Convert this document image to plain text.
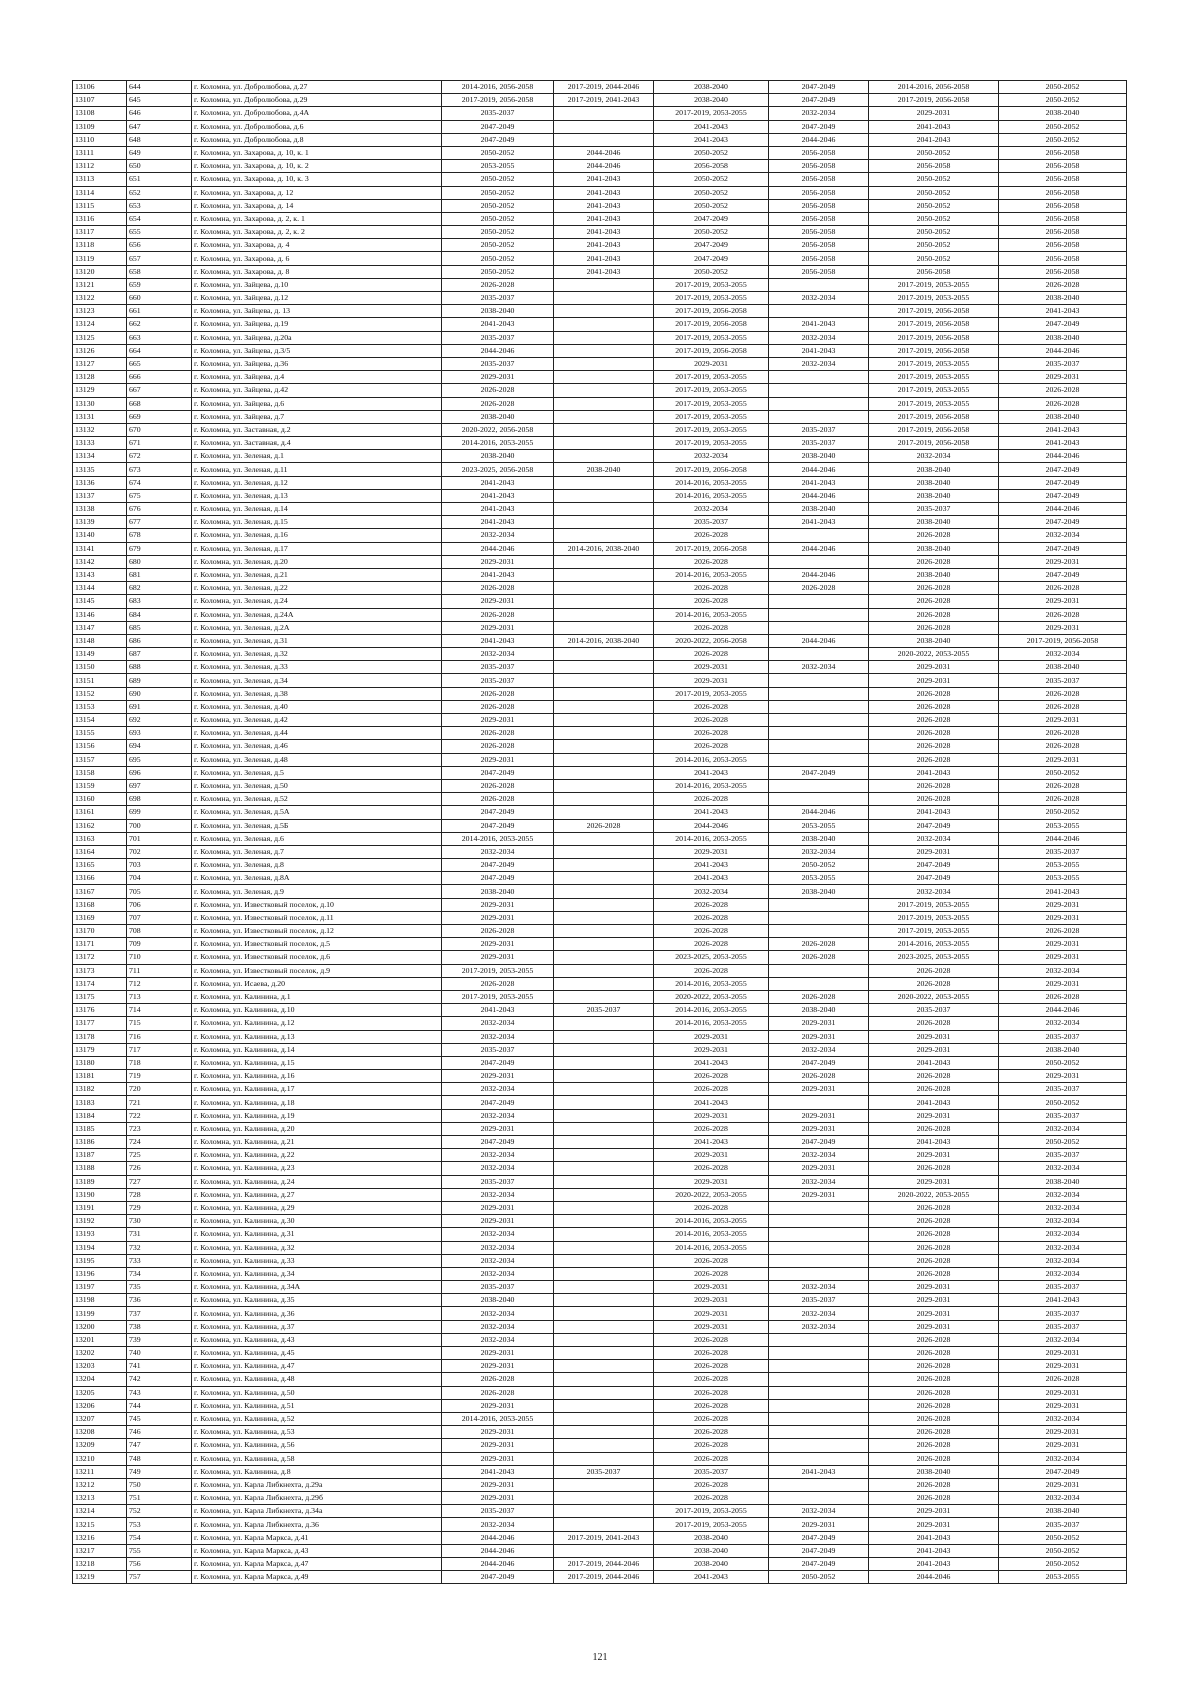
13106	644	г. Коломна, ул. Добролюбова, д.27	2014-2016, 2056-2058	2017-2019, 2044-2046	2038-2040	2047-2049	2014-2016, 2056-2058	2050-2052
13107	645	г. Коломна, ул. Добролюбова, д.29	2017-2019, 2056-2058	2017-2019, 2041-2043	2038-2040	2047-2049	2017-2019, 2056-2058	2050-2052
13108	646	г. Коломна, ул. Добролюбова, д.4А	2035-2037		2017-2019, 2053-2055	2032-2034	2029-2031	2038-2040
13109	647	г. Коломна, ул. Добролюбова, д.6	2047-2049		2041-2043	2047-2049	2041-2043	2050-2052
13110	648	г. Коломна, ул. Добролюбова, д.8	2047-2049		2041-2043	2044-2046	2041-2043	2050-2052
13111	649	г. Коломна, ул. Захарова, д. 10, к. 1	2050-2052	2044-2046	2050-2052	2056-2058	2050-2052	2056-2058
13112	650	г. Коломна, ул. Захарова, д. 10, к. 2	2053-2055	2044-2046	2056-2058	2056-2058	2056-2058	2056-2058
13113	651	г. Коломна, ул. Захарова, д. 10, к. 3	2050-2052	2041-2043	2050-2052	2056-2058	2050-2052	2056-2058
13114	652	г. Коломна, ул. Захарова, д. 12	2050-2052	2041-2043	2050-2052	2056-2058	2050-2052	2056-2058
13115	653	г. Коломна, ул. Захарова, д. 14	2050-2052	2041-2043	2050-2052	2056-2058	2050-2052	2056-2058
13116	654	г. Коломна, ул. Захарова, д. 2, к. 1	2050-2052	2041-2043	2047-2049	2056-2058	2050-2052	2056-2058
13117	655	г. Коломна, ул. Захарова, д. 2, к. 2	2050-2052	2041-2043	2050-2052	2056-2058	2050-2052	2056-2058
13118	656	г. Коломна, ул. Захарова, д. 4	2050-2052	2041-2043	2047-2049	2056-2058	2050-2052	2056-2058
13119	657	г. Коломна, ул. Захарова, д. 6	2050-2052	2041-2043	2047-2049	2056-2058	2050-2052	2056-2058
13120	658	г. Коломна, ул. Захарова, д. 8	2050-2052	2041-2043	2050-2052	2056-2058	2056-2058	2056-2058
13121	659	г. Коломна, ул. Зайцева, д.10	2026-2028		2017-2019, 2053-2055		2017-2019, 2053-2055	2026-2028
13122	660	г. Коломна, ул. Зайцева, д.12	2035-2037		2017-2019, 2053-2055	2032-2034	2017-2019, 2053-2055	2038-2040
13123	661	г. Коломна, ул. Зайцева, д. 13	2038-2040		2017-2019, 2056-2058		2017-2019, 2056-2058	2041-2043
13124	662	г. Коломна, ул. Зайцева, д.19	2041-2043		2017-2019, 2056-2058	2041-2043	2017-2019, 2056-2058	2047-2049
13125	663	г. Коломна, ул. Зайцева, д.20а	2035-2037		2017-2019, 2053-2055	2032-2034	2017-2019, 2056-2058	2038-2040
13126	664	г. Коломна, ул. Зайцева, д.3/5	2044-2046		2017-2019, 2056-2058	2041-2043	2017-2019, 2056-2058	2044-2046
13127	665	г. Коломна, ул. Зайцева, д.36	2035-2037		2029-2031	2032-2034	2017-2019, 2053-2055	2035-2037
13128	666	г. Коломна, ул. Зайцева, д.4	2029-2031		2017-2019, 2053-2055		2017-2019, 2053-2055	2029-2031
13129	667	г. Коломна, ул. Зайцева, д.42	2026-2028		2017-2019, 2053-2055		2017-2019, 2053-2055	2026-2028
13130	668	г. Коломна, ул. Зайцева, д.6	2026-2028		2017-2019, 2053-2055		2017-2019, 2053-2055	2026-2028
13131	669	г. Коломна, ул. Зайцева, д.7	2038-2040		2017-2019, 2053-2055		2017-2019, 2056-2058	2038-2040
13132	670	г. Коломна, ул. Заставная, д.2	2020-2022, 2056-2058		2017-2019, 2053-2055	2035-2037	2017-2019, 2056-2058	2041-2043
13133	671	г. Коломна, ул. Заставная, д.4	2014-2016, 2053-2055		2017-2019, 2053-2055	2035-2037	2017-2019, 2056-2058	2041-2043
13134	672	г. Коломна, ул. Зеленая, д.1	2038-2040		2032-2034	2038-2040	2032-2034	2044-2046
13135	673	г. Коломна, ул. Зеленая, д.11	2023-2025, 2056-2058	2038-2040	2017-2019, 2056-2058	2044-2046	2038-2040	2047-2049
13136	674	г. Коломна, ул. Зеленая, д.12	2041-2043		2014-2016, 2053-2055	2041-2043	2038-2040	2047-2049
13137	675	г. Коломна, ул. Зеленая, д.13	2041-2043		2014-2016, 2053-2055	2044-2046	2038-2040	2047-2049
13138	676	г. Коломна, ул. Зеленая, д.14	2041-2043		2032-2034	2038-2040	2035-2037	2044-2046
13139	677	г. Коломна, ул. Зеленая, д.15	2041-2043		2035-2037	2041-2043	2038-2040	2047-2049
13140	678	г. Коломна, ул. Зеленая, д.16	2032-2034		2026-2028		2026-2028	2032-2034
13141	679	г. Коломна, ул. Зеленая, д.17	2044-2046	2014-2016, 2038-2040	2017-2019, 2056-2058	2044-2046	2038-2040	2047-2049
13142	680	г. Коломна, ул. Зеленая, д.20	2029-2031		2026-2028		2026-2028	2029-2031
13143	681	г. Коломна, ул. Зеленая, д.21	2041-2043		2014-2016, 2053-2055	2044-2046	2038-2040	2047-2049
13144	682	г. Коломна, ул. Зеленая, д.22	2026-2028		2026-2028	2026-2028	2026-2028	2026-2028
13145	683	г. Коломна, ул. Зеленая, д.24	2029-2031		2026-2028		2026-2028	2029-2031
13146	684	г. Коломна, ул. Зеленая, д.24А	2026-2028		2014-2016, 2053-2055		2026-2028	2026-2028
13147	685	г. Коломна, ул. Зеленая, д.2А	2029-2031		2026-2028		2026-2028	2029-2031
13148	686	г. Коломна, ул. Зеленая, д.31	2041-2043	2014-2016, 2038-2040	2020-2022, 2056-2058	2044-2046	2038-2040	2017-2019, 2056-2058
13149	687	г. Коломна, ул. Зеленая, д.32	2032-2034		2026-2028		2020-2022, 2053-2055	2032-2034
13150	688	г. Коломна, ул. Зеленая, д.33	2035-2037		2029-2031	2032-2034	2029-2031	2038-2040
13151	689	г. Коломна, ул. Зеленая, д.34	2035-2037		2029-2031		2029-2031	2035-2037
13152	690	г. Коломна, ул. Зеленая, д.38	2026-2028		2017-2019, 2053-2055		2026-2028	2026-2028
13153	691	г. Коломна, ул. Зеленая, д.40	2026-2028		2026-2028		2026-2028	2026-2028
13154	692	г. Коломна, ул. Зеленая, д.42	2029-2031		2026-2028		2026-2028	2029-2031
13155	693	г. Коломна, ул. Зеленая, д.44	2026-2028		2026-2028		2026-2028	2026-2028
13156	694	г. Коломна, ул. Зеленая, д.46	2026-2028		2026-2028		2026-2028	2026-2028
13157	695	г. Коломна, ул. Зеленая, д.48	2029-2031		2014-2016, 2053-2055		2026-2028	2029-2031
13158	696	г. Коломна, ул. Зеленая, д.5	2047-2049		2041-2043	2047-2049	2041-2043	2050-2052
13159	697	г. Коломна, ул. Зеленая, д.50	2026-2028		2014-2016, 2053-2055		2026-2028	2026-2028
13160	698	г. Коломна, ул. Зеленая, д.52	2026-2028		2026-2028		2026-2028	2026-2028
13161	699	г. Коломна, ул. Зеленая, д.5А	2047-2049		2041-2043	2044-2046	2041-2043	2050-2052
13162	700	г. Коломна, ул. Зеленая, д.5Б	2047-2049	2026-2028	2044-2046	2053-2055	2047-2049	2053-2055
13163	701	г. Коломна, ул. Зеленая, д.6	2014-2016, 2053-2055		2014-2016, 2053-2055	2038-2040	2032-2034	2044-2046
13164	702	г. Коломна, ул. Зеленая, д.7	2032-2034		2029-2031	2032-2034	2029-2031	2035-2037
13165	703	г. Коломна, ул. Зеленая, д.8	2047-2049		2041-2043	2050-2052	2047-2049	2053-2055
13166	704	г. Коломна, ул. Зеленая, д.8А	2047-2049		2041-2043	2053-2055	2047-2049	2053-2055
13167	705	г. Коломна, ул. Зеленая, д.9	2038-2040		2032-2034	2038-2040	2032-2034	2041-2043
13168	706	г. Коломна, ул. Известковый поселок, д.10	2029-2031		2026-2028		2017-2019, 2053-2055	2029-2031
13169	707	г. Коломна, ул. Известковый поселок, д.11	2029-2031		2026-2028		2017-2019, 2053-2055	2029-2031
13170	708	г. Коломна, ул. Известковый поселок, д.12	2026-2028		2026-2028		2017-2019, 2053-2055	2026-2028
13171	709	г. Коломна, ул. Известковый поселок, д.5	2029-2031		2026-2028	2026-2028	2014-2016, 2053-2055	2029-2031
13172	710	г. Коломна, ул. Известковый поселок, д.6	2029-2031		2023-2025, 2053-2055	2026-2028	2023-2025, 2053-2055	2029-2031
13173	711	г. Коломна, ул. Известковый поселок, д.9	2017-2019, 2053-2055		2026-2028		2026-2028	2032-2034
13174	712	г. Коломна, ул. Исаева, д.20	2026-2028		2014-2016, 2053-2055		2026-2028	2029-2031
13175	713	г. Коломна, ул. Калинина, д.1	2017-2019, 2053-2055		2020-2022, 2053-2055	2026-2028	2020-2022, 2053-2055	2026-2028
13176	714	г. Коломна, ул. Калинина, д.10	2041-2043	2035-2037	2014-2016, 2053-2055	2038-2040	2035-2037	2044-2046
13177	715	г. Коломна, ул. Калинина, д.12	2032-2034		2014-2016, 2053-2055	2029-2031	2026-2028	2032-2034
13178	716	г. Коломна, ул. Калинина, д.13	2032-2034		2029-2031	2029-2031	2029-2031	2035-2037
13179	717	г. Коломна, ул. Калинина, д.14	2035-2037		2029-2031	2032-2034	2029-2031	2038-2040
13180	718	г. Коломна, ул. Калинина, д.15	2047-2049		2041-2043	2047-2049	2041-2043	2050-2052
13181	719	г. Коломна, ул. Калинина, д.16	2029-2031		2026-2028	2026-2028	2026-2028	2029-2031
13182	720	г. Коломна, ул. Калинина, д.17	2032-2034		2026-2028	2029-2031	2026-2028	2035-2037
13183	721	г. Коломна, ул. Калинина, д.18	2047-2049		2041-2043		2041-2043	2050-2052
13184	722	г. Коломна, ул. Калинина, д.19	2032-2034		2029-2031	2029-2031	2029-2031	2035-2037
13185	723	г. Коломна, ул. Калинина, д.20	2029-2031		2026-2028	2029-2031	2026-2028	2032-2034
13186	724	г. Коломна, ул. Калинина, д.21	2047-2049		2041-2043	2047-2049	2041-2043	2050-2052
13187	725	г. Коломна, ул. Калинина, д.22	2032-2034		2029-2031	2032-2034	2029-2031	2035-2037
13188	726	г. Коломна, ул. Калинина, д.23	2032-2034		2026-2028	2029-2031	2026-2028	2032-2034
13189	727	г. Коломна, ул. Калинина, д.24	2035-2037		2029-2031	2032-2034	2029-2031	2038-2040
13190	728	г. Коломна, ул. Калинина, д.27	2032-2034		2020-2022, 2053-2055	2029-2031	2020-2022, 2053-2055	2032-2034
13191	729	г. Коломна, ул. Калинина, д.29	2029-2031		2026-2028		2026-2028	2032-2034
13192	730	г. Коломна, ул. Калинина, д.30	2029-2031		2014-2016, 2053-2055		2026-2028	2032-2034
13193	731	г. Коломна, ул. Калинина, д.31	2032-2034		2014-2016, 2053-2055		2026-2028	2032-2034
13194	732	г. Коломна, ул. Калинина, д.32	2032-2034		2014-2016, 2053-2055		2026-2028	2032-2034
13195	733	г. Коломна, ул. Калинина, д.33	2032-2034		2026-2028		2026-2028	2032-2034
13196	734	г. Коломна, ул. Калинина, д.34	2032-2034		2026-2028		2026-2028	2032-2034
13197	735	г. Коломна, ул. Калинина, д.34А	2035-2037		2029-2031	2032-2034	2029-2031	2035-2037
13198	736	г. Коломна, ул. Калинина, д.35	2038-2040		2029-2031	2035-2037	2029-2031	2041-2043
13199	737	г. Коломна, ул. Калинина, д.36	2032-2034		2029-2031	2032-2034	2029-2031	2035-2037
13200	738	г. Коломна, ул. Калинина, д.37	2032-2034		2029-2031	2032-2034	2029-2031	2035-2037
13201	739	г. Коломна, ул. Калинина, д.43	2032-2034		2026-2028		2026-2028	2032-2034
13202	740	г. Коломна, ул. Калинина, д.45	2029-2031		2026-2028		2026-2028	2029-2031
13203	741	г. Коломна, ул. Калинина, д.47	2029-2031		2026-2028		2026-2028	2029-2031
13204	742	г. Коломна, ул. Калинина, д.48	2026-2028		2026-2028		2026-2028	2026-2028
13205	743	г. Коломна, ул. Калинина, д.50	2026-2028		2026-2028		2026-2028	2029-2031
13206	744	г. Коломна, ул. Калинина, д.51	2029-2031		2026-2028		2026-2028	2029-2031
13207	745	г. Коломна, ул. Калинина, д.52	2014-2016, 2053-2055		2026-2028		2026-2028	2032-2034
13208	746	г. Коломна, ул. Калинина, д.53	2029-2031		2026-2028		2026-2028	2029-2031
13209	747	г. Коломна, ул. Калинина, д.56	2029-2031		2026-2028		2026-2028	2029-2031
13210	748	г. Коломна, ул. Калинина, д.58	2029-2031		2026-2028		2026-2028	2032-2034
13211	749	г. Коломна, ул. Калинина, д.8	2041-2043	2035-2037	2035-2037	2041-2043	2038-2040	2047-2049
13212	750	г. Коломна, ул. Карла Либкнехта, д.29а	2029-2031		2026-2028		2026-2028	2029-2031
13213	751	г. Коломна, ул. Карла Либкнехта, д.29б	2029-2031		2026-2028		2026-2028	2032-2034
13214	752	г. Коломна, ул. Карла Либкнехта, д.34а	2035-2037		2017-2019, 2053-2055	2032-2034	2029-2031	2038-2040
13215	753	г. Коломна, ул. Карла Либкнехта, д.36	2032-2034		2017-2019, 2053-2055	2029-2031	2029-2031	2035-2037
13216	754	г. Коломна, ул. Карла Маркса, д.41	2044-2046	2017-2019, 2041-2043	2038-2040	2047-2049	2041-2043	2050-2052
13217	755	г. Коломна, ул. Карла Маркса, д.43	2044-2046		2038-2040	2047-2049	2041-2043	2050-2052
13218	756	г. Коломна, ул. Карла Маркса, д.47	2044-2046	2017-2019, 2044-2046	2038-2040	2047-2049	2041-2043	2050-2052
13219	757	г. Коломна, ул. Карла Маркса, д.49	2047-2049	2017-2019, 2044-2046	2041-2043	2050-2052	2044-2046	2053-2055
121
